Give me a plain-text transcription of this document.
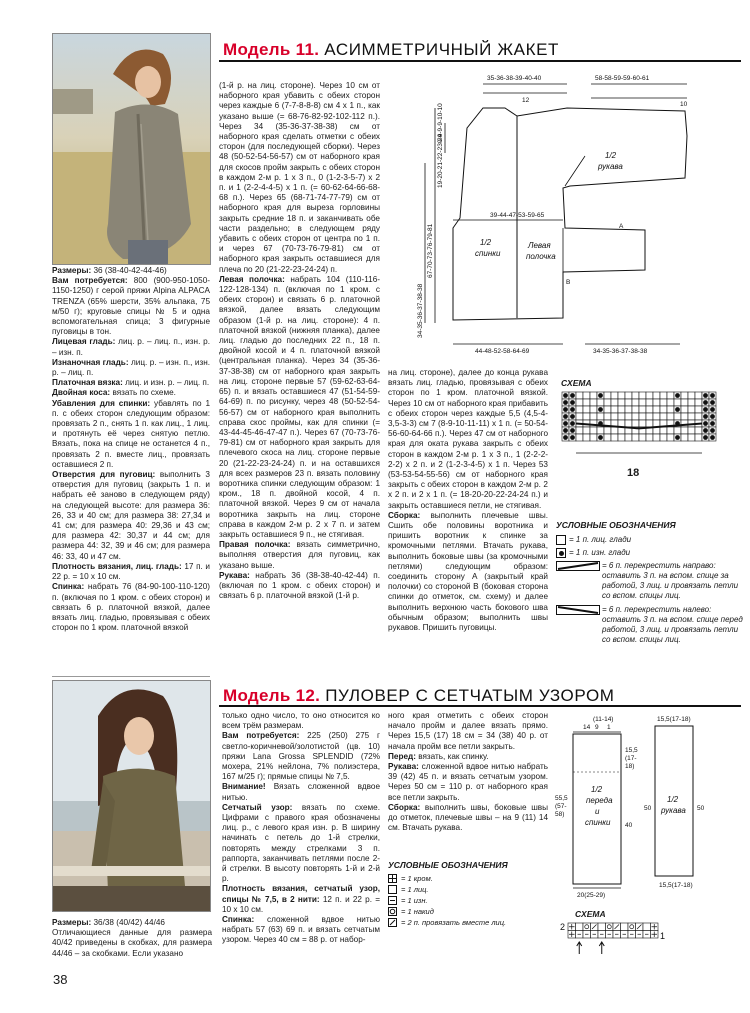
Модель 11. АСИММЕТРИЧНЫЙ ЖАКЕТ

Размеры: 36 (38-40-42-44-46)

Вам потребуется: 800 (900-950-1050-1150-1250) г серой пряжи Alpina ALPACA TRENZA (65% шерсти, 35% альпака, 75 м/50 г); круговые спицы № 5 и одна вспомогательная спица; 3 фигурные пуговицы в тон.

Лицевая гладь: лиц. р. – лиц. п., изн. р. – изн. п.

Изнаночная гладь: лиц. р. – изн. п., изн. р. – лиц. п.

Платочная вязка: лиц. и изн. р. – лиц. п.

Двойная коса: вязать по схеме.

Убавления для спинки: убавлять по 1 п. с обеих сторон следующим образом: провязать 2 п., снять 1 п. как лиц., 1 лиц. и протянуть её через снятую петлю. Вязать, пока на спице не останется 4 п., провязать 2 п. вместе лиц., провязать оставшиеся 2 п.

Отверстия для пуговиц: выполнить 3 отверстия для пуговиц (закрыть 1 п. и набрать её заново в следующем ряду) на следующей высоте: для размера 36: 26, 33 и 40 см; для размера 38: 27,34 и 41 см; для размера 40: 29,36 и 43 см; для размера 42: 30,37 и 44 см; для размера 44: 32, 39 и 46 см; для размера 46: 33, 40 и 47 см.

Плотность вязания, лиц. гладь: 17 п. и 22 р. = 10 х 10 см.

Спинка: набрать 76 (84-90-100-110-120) п. (включая по 1 кром. с обеих сторон) и связать 6 р. платочной вязкой, далее вязать лиц. гладью, провязывая с обеих сторон по 1 кром. платочной вязкой

(1-й р. на лиц. стороне). Через 10 см от наборного края убавить с обеих сторон через каждые 6 (7-7-8-8-8) см 4 х 1 п., как указано выше (= 68-76-82-92-102-112 п.). Через 34 (35-36-37-38-38) см от наборного края сделать отметки с обеих сторон (для последующей сборки). Через 48 (50-52-54-56-57) см от наборного края для скосов пройм закрыть с обеих сторон в каждом 2-м р. 1 х 3 п., 0 (1-2-3-5-7) х 2 п. и 1 (2-2-4-4-5) х 1 п. (= 60-62-64-66-68-68 п.). Через 65 (68-71-74-77-79) см от наборного края для выреза горловины закрыть средние 18 п. и заканчивать обе части раздельно; в следующем ряду убавить с обеих сторон от центра по 1 п. и через 67 (70-73-76-79-81) см от наборного края закрыть оставшиеся для плеча по 20 (21-22-23-24-24) п.

Левая полочка: набрать 104 (110-116-122-128-134) п. (включая по 1 кром. с обеих сторон) и связать 6 р. платочной вязкой, далее вязать следующим образом (1-й р. на лиц. стороне): 4 п. платочной вязкой (нижняя планка), далее лиц. гладью до последних 22 п., 18 п. двойной косой и 4 п. платочной вязкой (центральная планка). Через 34 (35-36-37-38-38) см от наборного края закрыть на лиц. стороне первые 57 (59-62-63-64-65) п. и вязать оставшиеся 47 (51-54-59-64-69) п. по рисунку, через 48 (50-52-54-56-57) см от наборного края выполнить справа скос проймы, как для спинки (= 43-44-45-46-47-47 п.). Через 67 (70-73-76-79-81) см от наборного края закрыть для плечевого скоса на лиц. стороне первые 20 (21-22-23-24-24) п. и на оставшихся для всех размеров 23 п. вязать половину воротника спинки следующим образом: 1 кром., 18 п. двойной косой, 4 п. платочной вязкой. Через 9 см от начала воротника закрыть на лиц. стороне справа в каждом 2-м р. 2 х 7 п. и затем закрыть оставшиеся 9 п., не стягивая.

Правая полочка: вязать симметрично, выполняя отверстия для пуговиц, как указано выше.

Рукава: набрать 36 (38-38-40-42-44) п. (включая по 1 кром. с обеих сторон) и связать 6 р. платочной вязкой (1-й р.

на лиц. стороне), далее до конца рукава вязать лиц. гладью, провязывая с обеих сторон по 1 кром. платочной вязкой. Через 10 см от наборного края прибавить с обеих сторон через каждые 5,5 (4,5-4-3,5-3-3) см 7 (8-9-10-11-11) х 1 п. (= 50-54-56-60-64-66 п.). Через 47 см от наборного края для оката рукава закрыть с обеих сторон в каждом 2-м р. 1 х 3 п., 1 (2-2-2-2-2) х 2 п. и 2 (1-2-3-4-5) х 1 п. Через 53 (53-53-54-55-56) см от наборного края закрыть с обеих сторон в каждом 2-м р. 2 х 2 п. и 2 х 1 п. (= 18-20-20-22-24-24 п.) и закрыть оставшиеся петли, не стягивая.

Сборка: выполнить плечевые швы. Сшить обе половины воротника и пришить воротник к спинке за кромочными петлями. Втачать рукава, выполнить боковые швы (за кромочными петлями) следующим образом: соединить сторону A (закрытый край полочки) со стороной B (боковая сторона спинки до отметок, см. схему) и далее выполнить верхнюю часть бокового шва обычным образом; выполнить швы рукавов. Пришить пуговицы.

35-36-38-39-40-40	58-58-59-59-60-61
12
10
9-9-9-9-10-10
19-20-21-22-23-24
67-70-73-76-79-81
34-35-36-37-38-38
39-44-47-53-59-65
1/2
рукава
1/2
спинки
Левая
полочка
A
B
44-48-52-58-64-69	34-35-36-37-38-38
СХЕМА
18
УСЛОВНЫЕ ОБОЗНАЧЕНИЯ
= 1 п. лиц. глади
= 1 п. изн. глади
= 6 п. перекрестить направо: оставить 3 п. на вспом. спице за работой, 3 лиц. и провязать петли со вспом. спицы лиц.
= 6 п. перекрестить налево: оставить 3 п. на вспом. спице перед работой, 3 лиц. и провязать петли со вспом. спицы лиц.
Модель 12. ПУЛОВЕР С СЕТЧАТЫМ УЗОРОМ

Размеры: 36/38 (40/42) 44/46

Отличающиеся данные для размера 40/42 приведены в скобках, для размера 44/46 – за скобками. Если указано

только одно число, то оно относится ко всем трём размерам.

Вам потребуется: 225 (250) 275 г светло-коричневой/золотистой (цв. 10) пряжи Lana Grossa SPLENDID (72% мохера, 21% нейлона, 7% полиэстера, 167 м/25 г); прямые спицы № 7,5.

Внимание! Вязать сложенной вдвое нитью.

Сетчатый узор: вязать по схеме. Цифрами с правого края обозначены лиц. р., с левого края изн. р. В ширину начинать с петель до 1-й стрелки, повторять между стрелками 3 п. раппорта, заканчивать петлями после 2-й стрелки. В высоту повторять 1-й и 2-й р.

Плотность вязания, сетчатый узор, спицы № 7,5, в 2 нити: 12 п. и 22 р. = 10 х 10 см.

Спинка: сложенной вдвое нитью набрать 57 (63) 69 п. и вязать сетчатым узором. Через 40 см = 88 р. от набор-

ного края отметить с обеих сторон начало пройм и далее вязать прямо. Через 15,5 (17) 18 см = 34 (38) 40 р. от начала пройм все петли закрыть.

Перед: вязать, как спинку.

Рукава: сложенной вдвое нитью набрать 39 (42) 45 п. и вязать сетчатым узором. Через 50 см = 110 р. от наборного края все петли закрыть.

Сборка: выполнить швы, боковые швы до отметок, плечевые швы – на 9 (11) 14 см. Втачать рукава.

УСЛОВНЫЕ ОБОЗНАЧЕНИЯ
= 1 кром.
= 1 лиц.
= 1 изн.
= 1 накид
= 2 п. провязать вместе лиц.
(11-14)
14 9 1
15,5
(17-
18)
55,5
(57-
58)
40
1/2
переда
и
спинки
20(25-29)
15,5(17-18)
50	50
1/2
рукава
15,5(17-18)
СХЕМА
2
1
38
